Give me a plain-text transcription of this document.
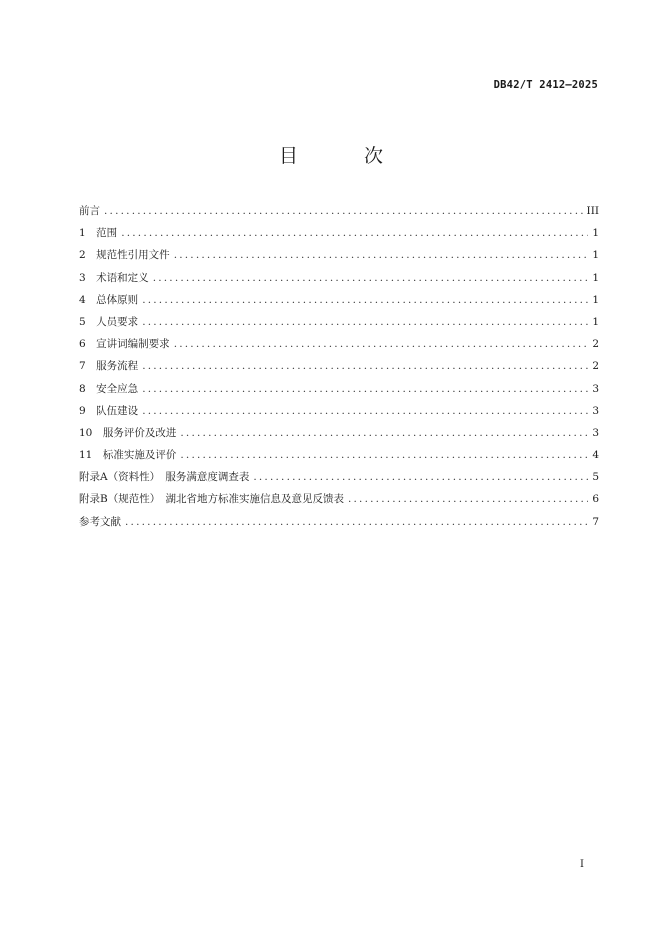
DB42/T 2412—2025
目 次
前言 .....	III
1　范围 .....	1
2　规范性引用文件 .....	1
3　术语和定义 .....	1
4　总体原则 .....	1
5　人员要求 .....	1
6　宣讲词编制要求 .....	2
7　服务流程 .....	2
8　安全应急 .....	3
9　队伍建设 .....	3
10　服务评价及改进 .....	3
11　标准实施及评价 .....	4
附录A（资料性）　服务满意度调查表 .....	5
附录B（规范性）　湖北省地方标准实施信息及意见反馈表 .....	6
参考文献 .....	7
I
